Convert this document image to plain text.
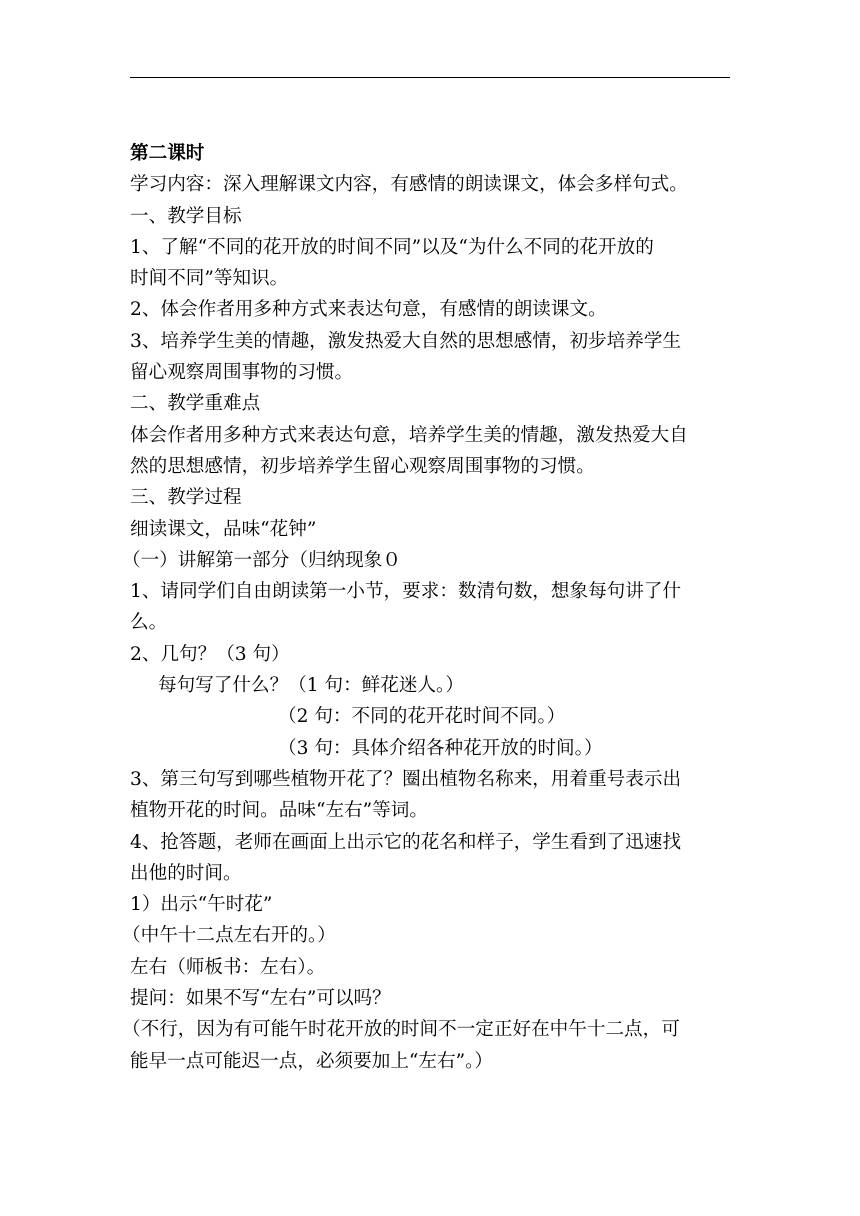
第二课时
学习内容：深入理解课文内容，有感情的朗读课文，体会多样句式。
一、教学目标
1、了解“不同的花开放的时间不同”以及“为什么不同的花开放的
时间不同”等知识。
2、体会作者用多种方式来表达句意，有感情的朗读课文。
3、培养学生美的情趣，激发热爱大自然的思想感情，初步培养学生
留心观察周围事物的习惯。
二、教学重难点
体会作者用多种方式来表达句意，培养学生美的情趣，激发热爱大自
然的思想感情，初步培养学生留心观察周围事物的习惯。
三、教学过程
细读课文，品味“花钟”
（一）讲解第一部分（归纳现象０
1、请同学们自由朗读第一小节，要求：数清句数，想象每句讲了什
么。
2、几句？（3 句）
每句写了什么？（1 句：鲜花迷人。）
（2 句：不同的花开花时间不同。）
（3 句：具体介绍各种花开放的时间。）
3、第三句写到哪些植物开花了？圈出植物名称来，用着重号表示出
植物开花的时间。品味“左右”等词。
4、抢答题，老师在画面上出示它的花名和样子，学生看到了迅速找
出他的时间。
1）出示“午时花”
（中午十二点左右开的。）
左右（师板书：左右）。
提问：如果不写“左右”可以吗？
（不行，因为有可能午时花开放的时间不一定正好在中午十二点，可
能早一点可能迟一点，必须要加上“左右”。）
